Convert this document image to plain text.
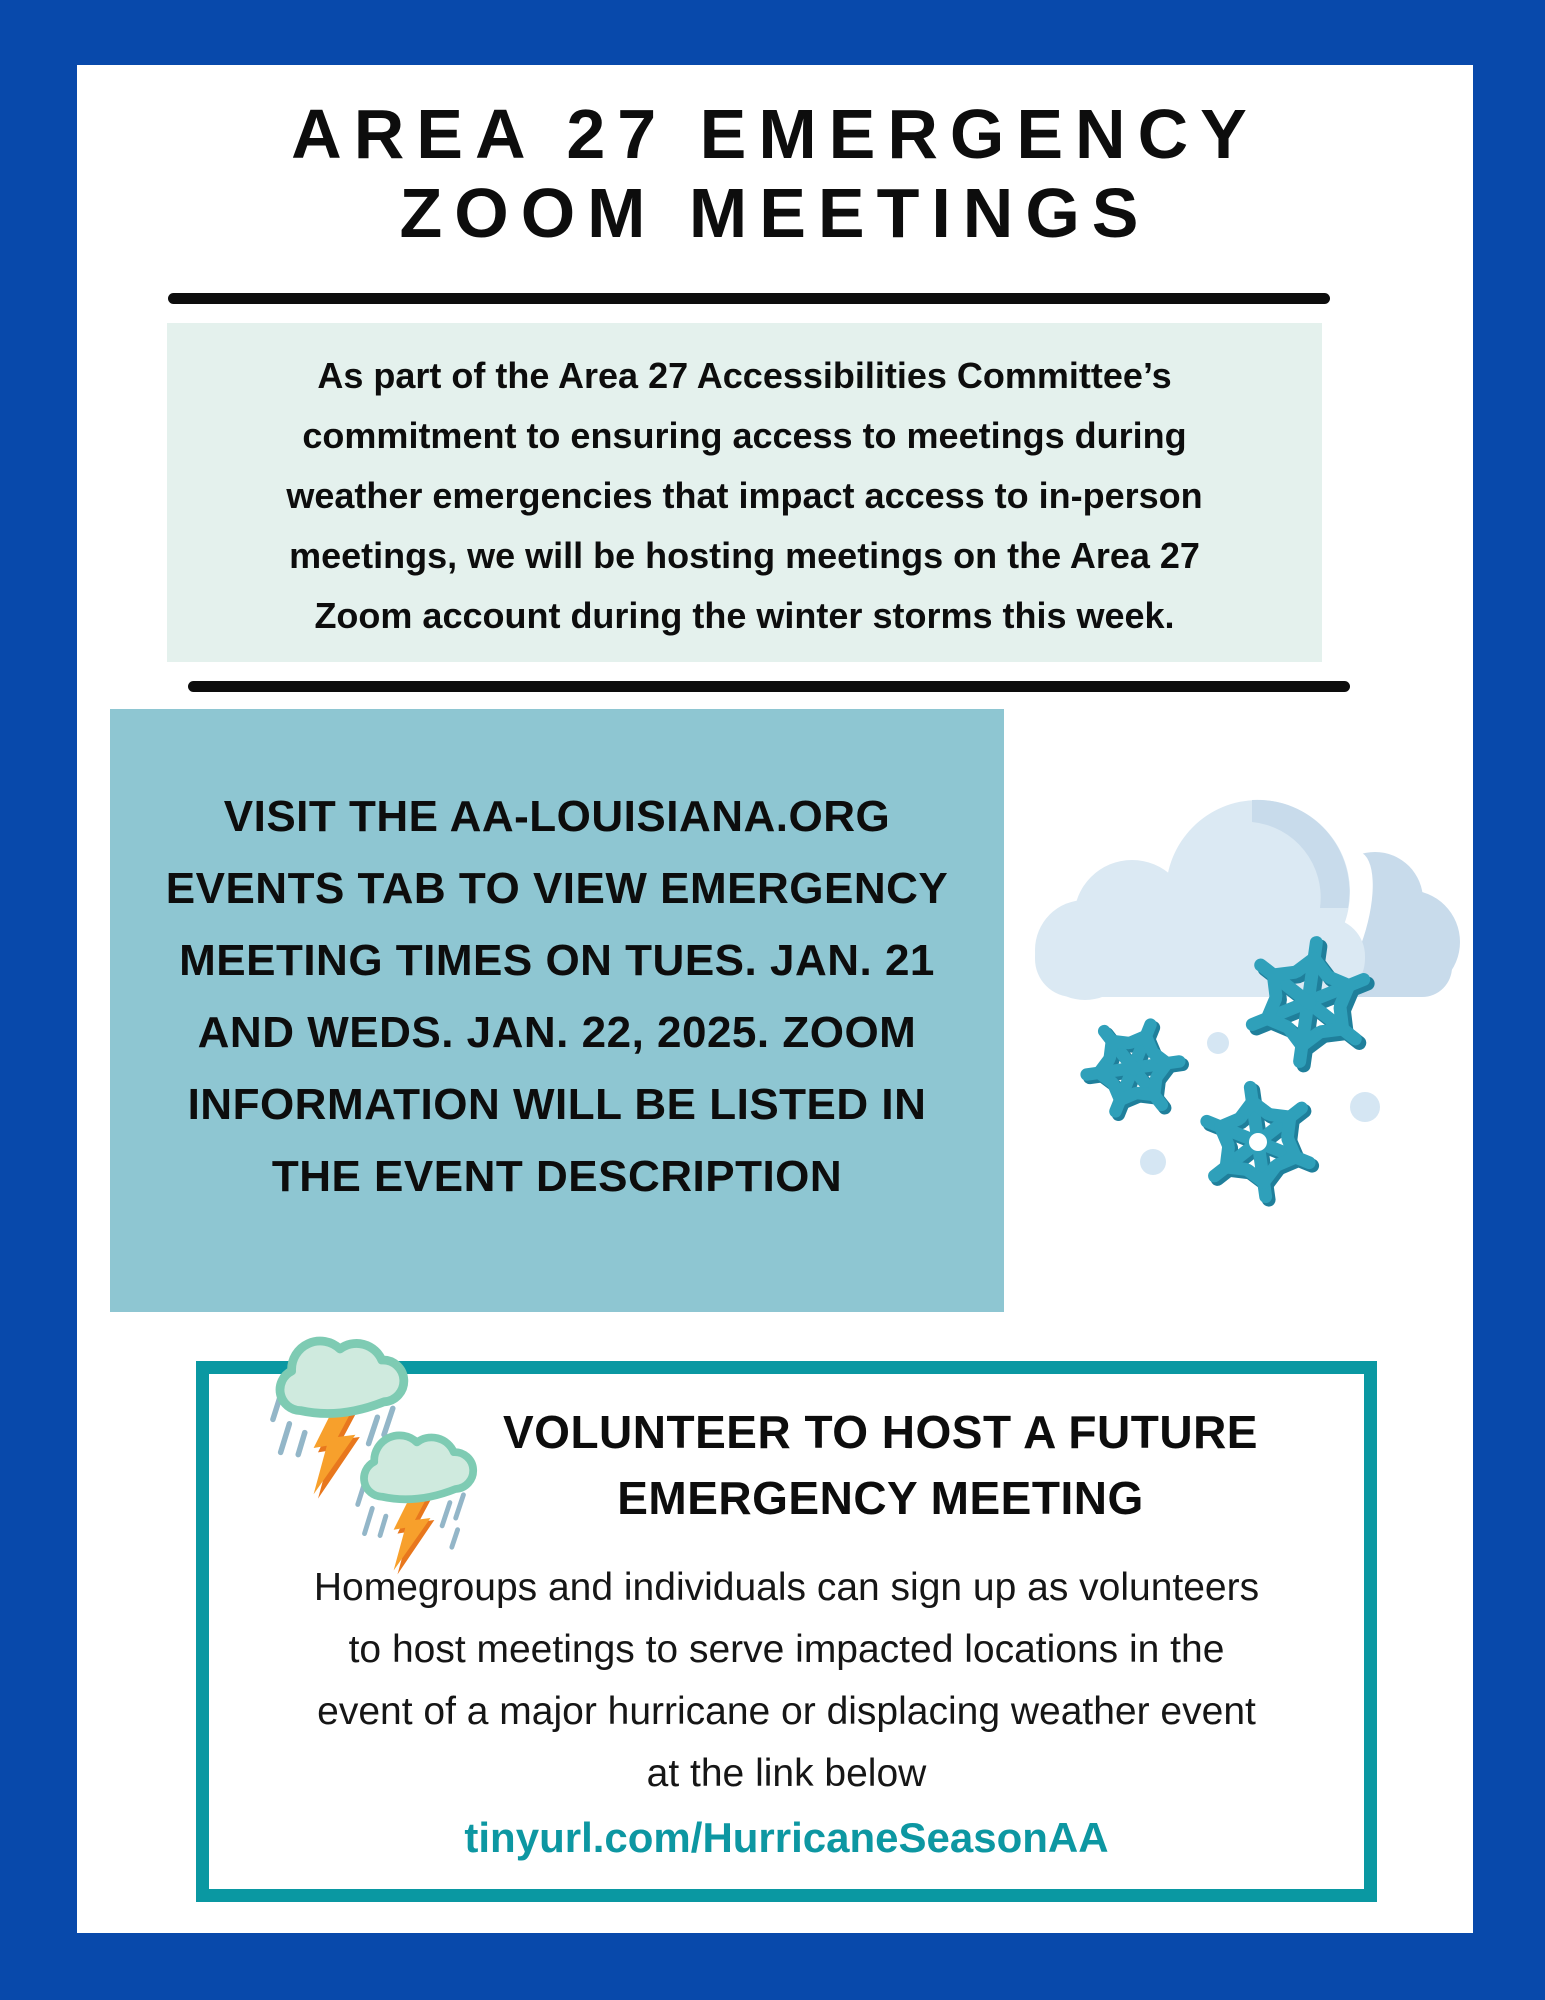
AREA 27 EMERGENCY
ZOOM MEETINGS
As part of the Area 27 Accessibilities Committee’s
commitment to ensuring access to meetings during
weather emergencies that impact access to in-person
meetings, we will be hosting meetings on the Area 27
Zoom account during the winter storms this week.
VISIT THE AA-LOUISIANA.ORG
EVENTS TAB TO VIEW EMERGENCY
MEETING TIMES ON TUES. JAN. 21
AND WEDS. JAN. 22, 2025. ZOOM
INFORMATION WILL BE LISTED IN
THE EVENT DESCRIPTION
VOLUNTEER TO HOST A FUTURE
EMERGENCY MEETING
Homegroups and individuals can sign up as volunteers
to host meetings to serve impacted locations in the
event of a major hurricane or displacing weather event
at the link below
tinyurl.com/HurricaneSeasonAA
